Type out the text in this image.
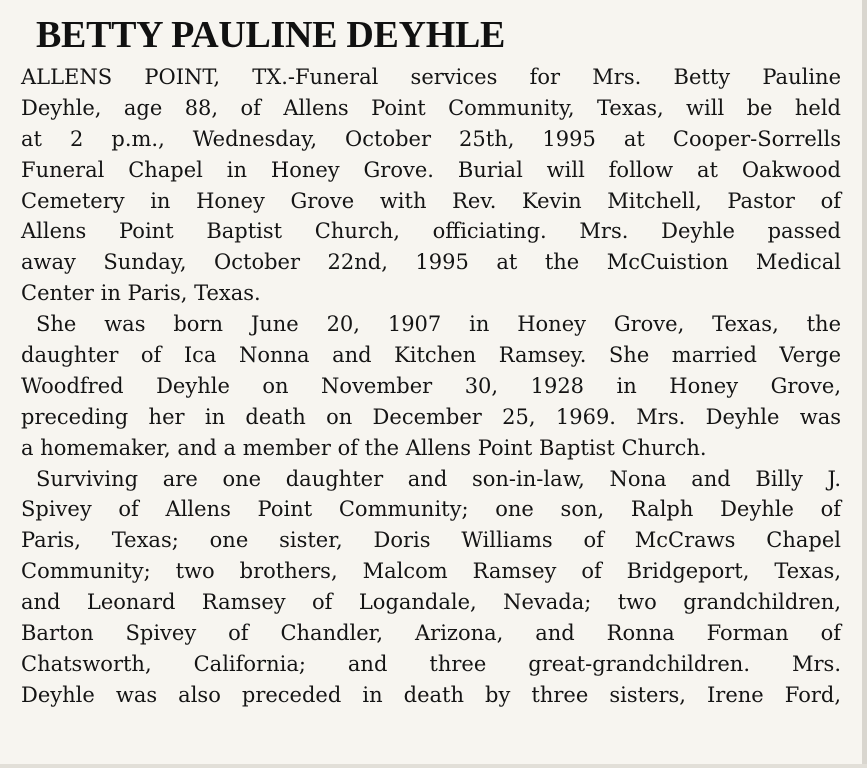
BETTY PAULINE DEYHLE
ALLENS POINT, TX.-Funeral services for Mrs. Betty Pauline
Deyhle, age 88, of Allens Point Community, Texas, will be held
at 2 p.m., Wednesday, October 25th, 1995 at Cooper-Sorrells
Funeral Chapel in Honey Grove. Burial will follow at Oakwood
Cemetery in Honey Grove with Rev. Kevin Mitchell, Pastor of
Allens Point Baptist Church, officiating. Mrs. Deyhle passed
away Sunday, October 22nd, 1995 at the McCuistion Medical
Center in Paris, Texas.
She was born June 20, 1907 in Honey Grove, Texas, the
daughter of Ica Nonna and Kitchen Ramsey. She married Verge
Woodfred Deyhle on November 30, 1928 in Honey Grove,
preceding her in death on December 25, 1969. Mrs. Deyhle was
a homemaker, and a member of the Allens Point Baptist Church.
Surviving are one daughter and son-in-law, Nona and Billy J.
Spivey of Allens Point Community; one son, Ralph Deyhle of
Paris, Texas; one sister, Doris Williams of McCraws Chapel
Community; two brothers, Malcom Ramsey of Bridgeport, Texas,
and Leonard Ramsey of Logandale, Nevada; two grandchildren,
Barton Spivey of Chandler, Arizona, and Ronna Forman of
Chatsworth, California; and three great-grandchildren. Mrs.
Deyhle was also preceded in death by three sisters, Irene Ford,
